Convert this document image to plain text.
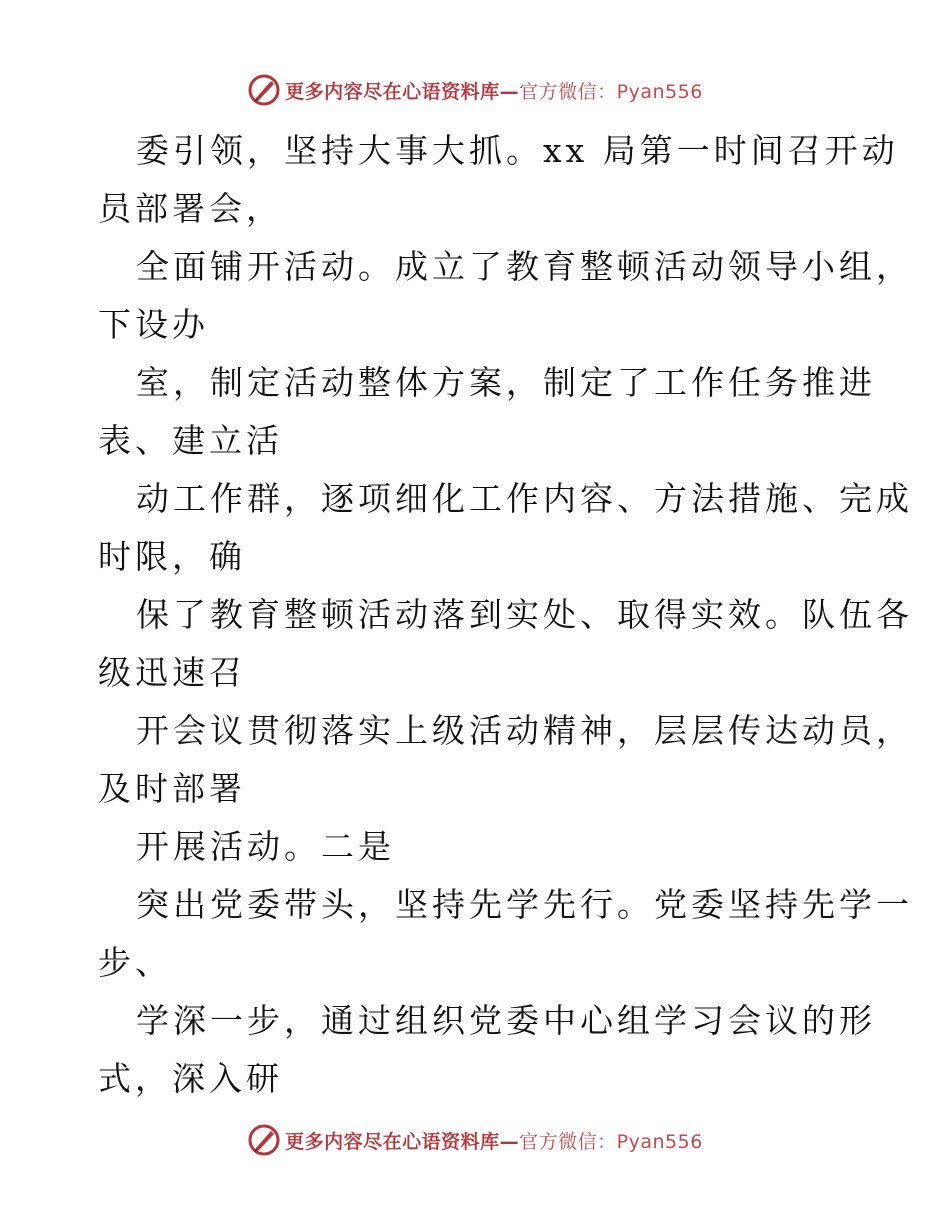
更多内容尽在心语资料库—官方微信：Pyan556

委引领，坚持大事大抓。xx 局第一时间召开动

员部署会，

全面铺开活动。成立了教育整顿活动领导小组，

下设办

室，制定活动整体方案，制定了工作任务推进

表、建立活

动工作群，逐项细化工作内容、方法措施、完成

时限，确

保了教育整顿活动落到实处、取得实效。队伍各

级迅速召

开会议贯彻落实上级活动精神，层层传达动员，

及时部署

开展活动。二是

突出党委带头，坚持先学先行。党委坚持先学一

步、

学深一步，通过组织党委中心组学习会议的形

式，深入研

更多内容尽在心语资料库—官方微信：Pyan556
